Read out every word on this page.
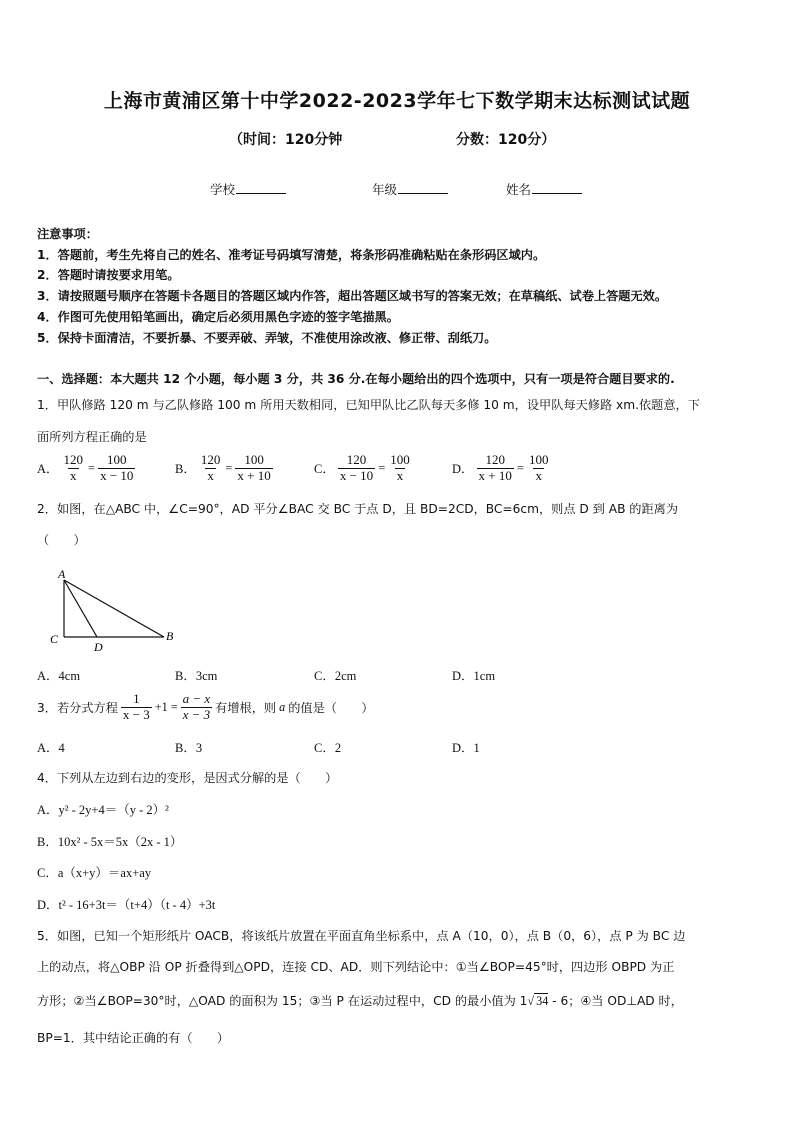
上海市黄浦区第十中学2022-2023学年七下数学期末达标测试试题
（时间：120分钟	分数：120分）
学校	年级	姓名
注意事项：
1．答题前，考生先将自己的姓名、准考证号码填写清楚，将条形码准确粘贴在条形码区域内。
2．答题时请按要求用笔。
3．请按照题号顺序在答题卡各题目的答题区域内作答，超出答题区域书写的答案无效；在草稿纸、试卷上答题无效。
4．作图可先使用铅笔画出，确定后必须用黑色字迹的签字笔描黑。
5．保持卡面清洁，不要折暴、不要弄破、弄皱，不准使用涂改液、修正带、刮纸刀。
一、选择题：本大题共 12 个小题，每小题 3 分，共 36 分.在每小题给出的四个选项中，只有一项是符合题目要求的.
1．甲队修路 120 m 与乙队修路 100 m 所用天数相同，已知甲队比乙队每天多修 10 m，设甲队每天修路 xm.依题意，下
面所列方程正确的是
A． $\frac{120}{x} = \frac{100}{x - 10}$	B． $\frac{120}{x} = \frac{100}{x + 10}$	C． $\frac{120}{x - 10} = \frac{100}{x}$	D． $\frac{120}{x + 10} = \frac{100}{x}$
2．如图，在△ABC 中，∠C=90°，AD 平分∠BAC 交 BC 于点 D，且 BD=2CD，BC=6cm，则点 D 到 AB 的距离为
（　　）
A
C
D
B
A．4cm	B．3cm	C．2cm	D．1cm
3．若分式方程 $\frac{1}{x - 3} +1 = \frac{a - x}{x - 3}$ 有增根，则 a 的值是（　　）
A．4	B．3	C．2	D．1
4．下列从左边到右边的变形，是因式分解的是（　　）
A．y² - 2y+4＝（y - 2）²
B．10x² - 5x＝5x（2x - 1）
C．a（x+y）＝ax+ay
D．t² - 16+3t＝（t+4）（t - 4）+3t
5．如图，已知一个矩形纸片 OACB，将该纸片放置在平面直角坐标系中，点 A（10，0），点 B（0，6），点 P 为 BC 边
上的动点，将△OBP 沿 OP 折叠得到△OPD，连接 CD、AD．则下列结论中：①当∠BOP=45°时，四边形 OBPD 为正
方形；②当∠BOP=30°时，△OAD 的面积为 15；③当 P 在运动过程中，CD 的最小值为 1√ 34 - 6；④当 OD⊥AD 时，
BP=1．其中结论正确的有（　　）
